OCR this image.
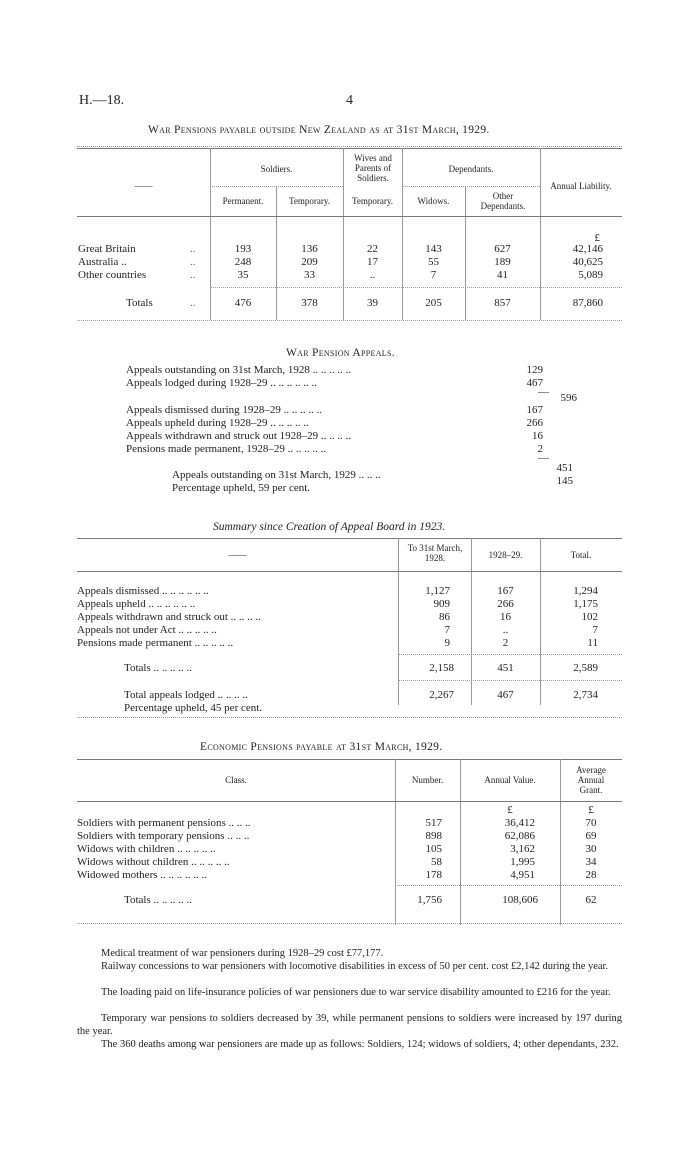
H.—18.	4
War Pensions payable outside New Zealand as at 31st March, 1929.
——
Soldiers.
Wives and Parents of Soldiers.
Dependants.
Annual Liability.
Permanent.	Temporary.	Temporary.	Widows.	Other Dependants.
£
Great Britain	..	193	136	22	143	627	42,146
Australia ..	..	248	209	17	55	189	40,625
Other countries	..	35	33	..	7	41	5,089
Totals	..	476	378	39	205	857	87,860
War Pension Appeals.
Appeals outstanding on 31st March, 1928 .. .. .. .. ..	129
Appeals lodged during 1928–29 .. .. .. .. .. ..	467
—	596
Appeals dismissed during 1928–29 .. .. .. .. ..	167
Appeals upheld during 1928–29 .. .. .. .. ..	266
Appeals withdrawn and struck out 1928–29 .. .. .. ..	16
Pensions made permanent, 1928–29 .. .. .. .. ..	2
—
Appeals outstanding on 31st March, 1929 .. .. ..
451
Percentage upheld, 59 per cent.
145
Summary since Creation of Appeal Board in 1923.
——
To 31st March, 1928.	1928–29.	Total.
Appeals dismissed .. .. .. .. .. ..	1,127	167	1,294
Appeals upheld .. .. .. .. .. ..	909	266	1,175
Appeals withdrawn and struck out .. .. .. ..	86	16	102
Appeals not under Act .. .. .. .. ..	7	..	7
Pensions made permanent .. .. .. .. ..	9	2	11
Totals .. .. .. .. ..	2,158	451	2,589
Total appeals lodged .. .. .. ..	2,267	467	2,734
Percentage upheld, 45 per cent.
Economic Pensions payable at 31st March, 1929.
Class.	Number.	Annual Value.
Average Annual Grant.
£	£
Soldiers with permanent pensions .. .. ..	517	36,412	70
Soldiers with temporary pensions .. .. ..	898	62,086	69
Widows with children .. .. .. .. ..	105	3,162	30
Widows without children .. .. .. .. ..	58	1,995	34
Widowed mothers .. .. .. .. .. ..	178	4,951	28
Totals .. .. .. .. ..	1,756	108,606	62
Medical treatment of war pensioners during 1928–29 cost £77,177.
Railway concessions to war pensioners with locomotive disabilities in excess of 50 per cent. cost £2,142 during the year.
The loading paid on life-insurance policies of war pensioners due to war service disability amounted to £216 for the year.
Temporary war pensions to soldiers decreased by 39, while permanent pensions to soldiers were increased by 197 during the year.
The 360 deaths among war pensioners are made up as follows: Soldiers, 124; widows of soldiers, 4; other dependants, 232.
